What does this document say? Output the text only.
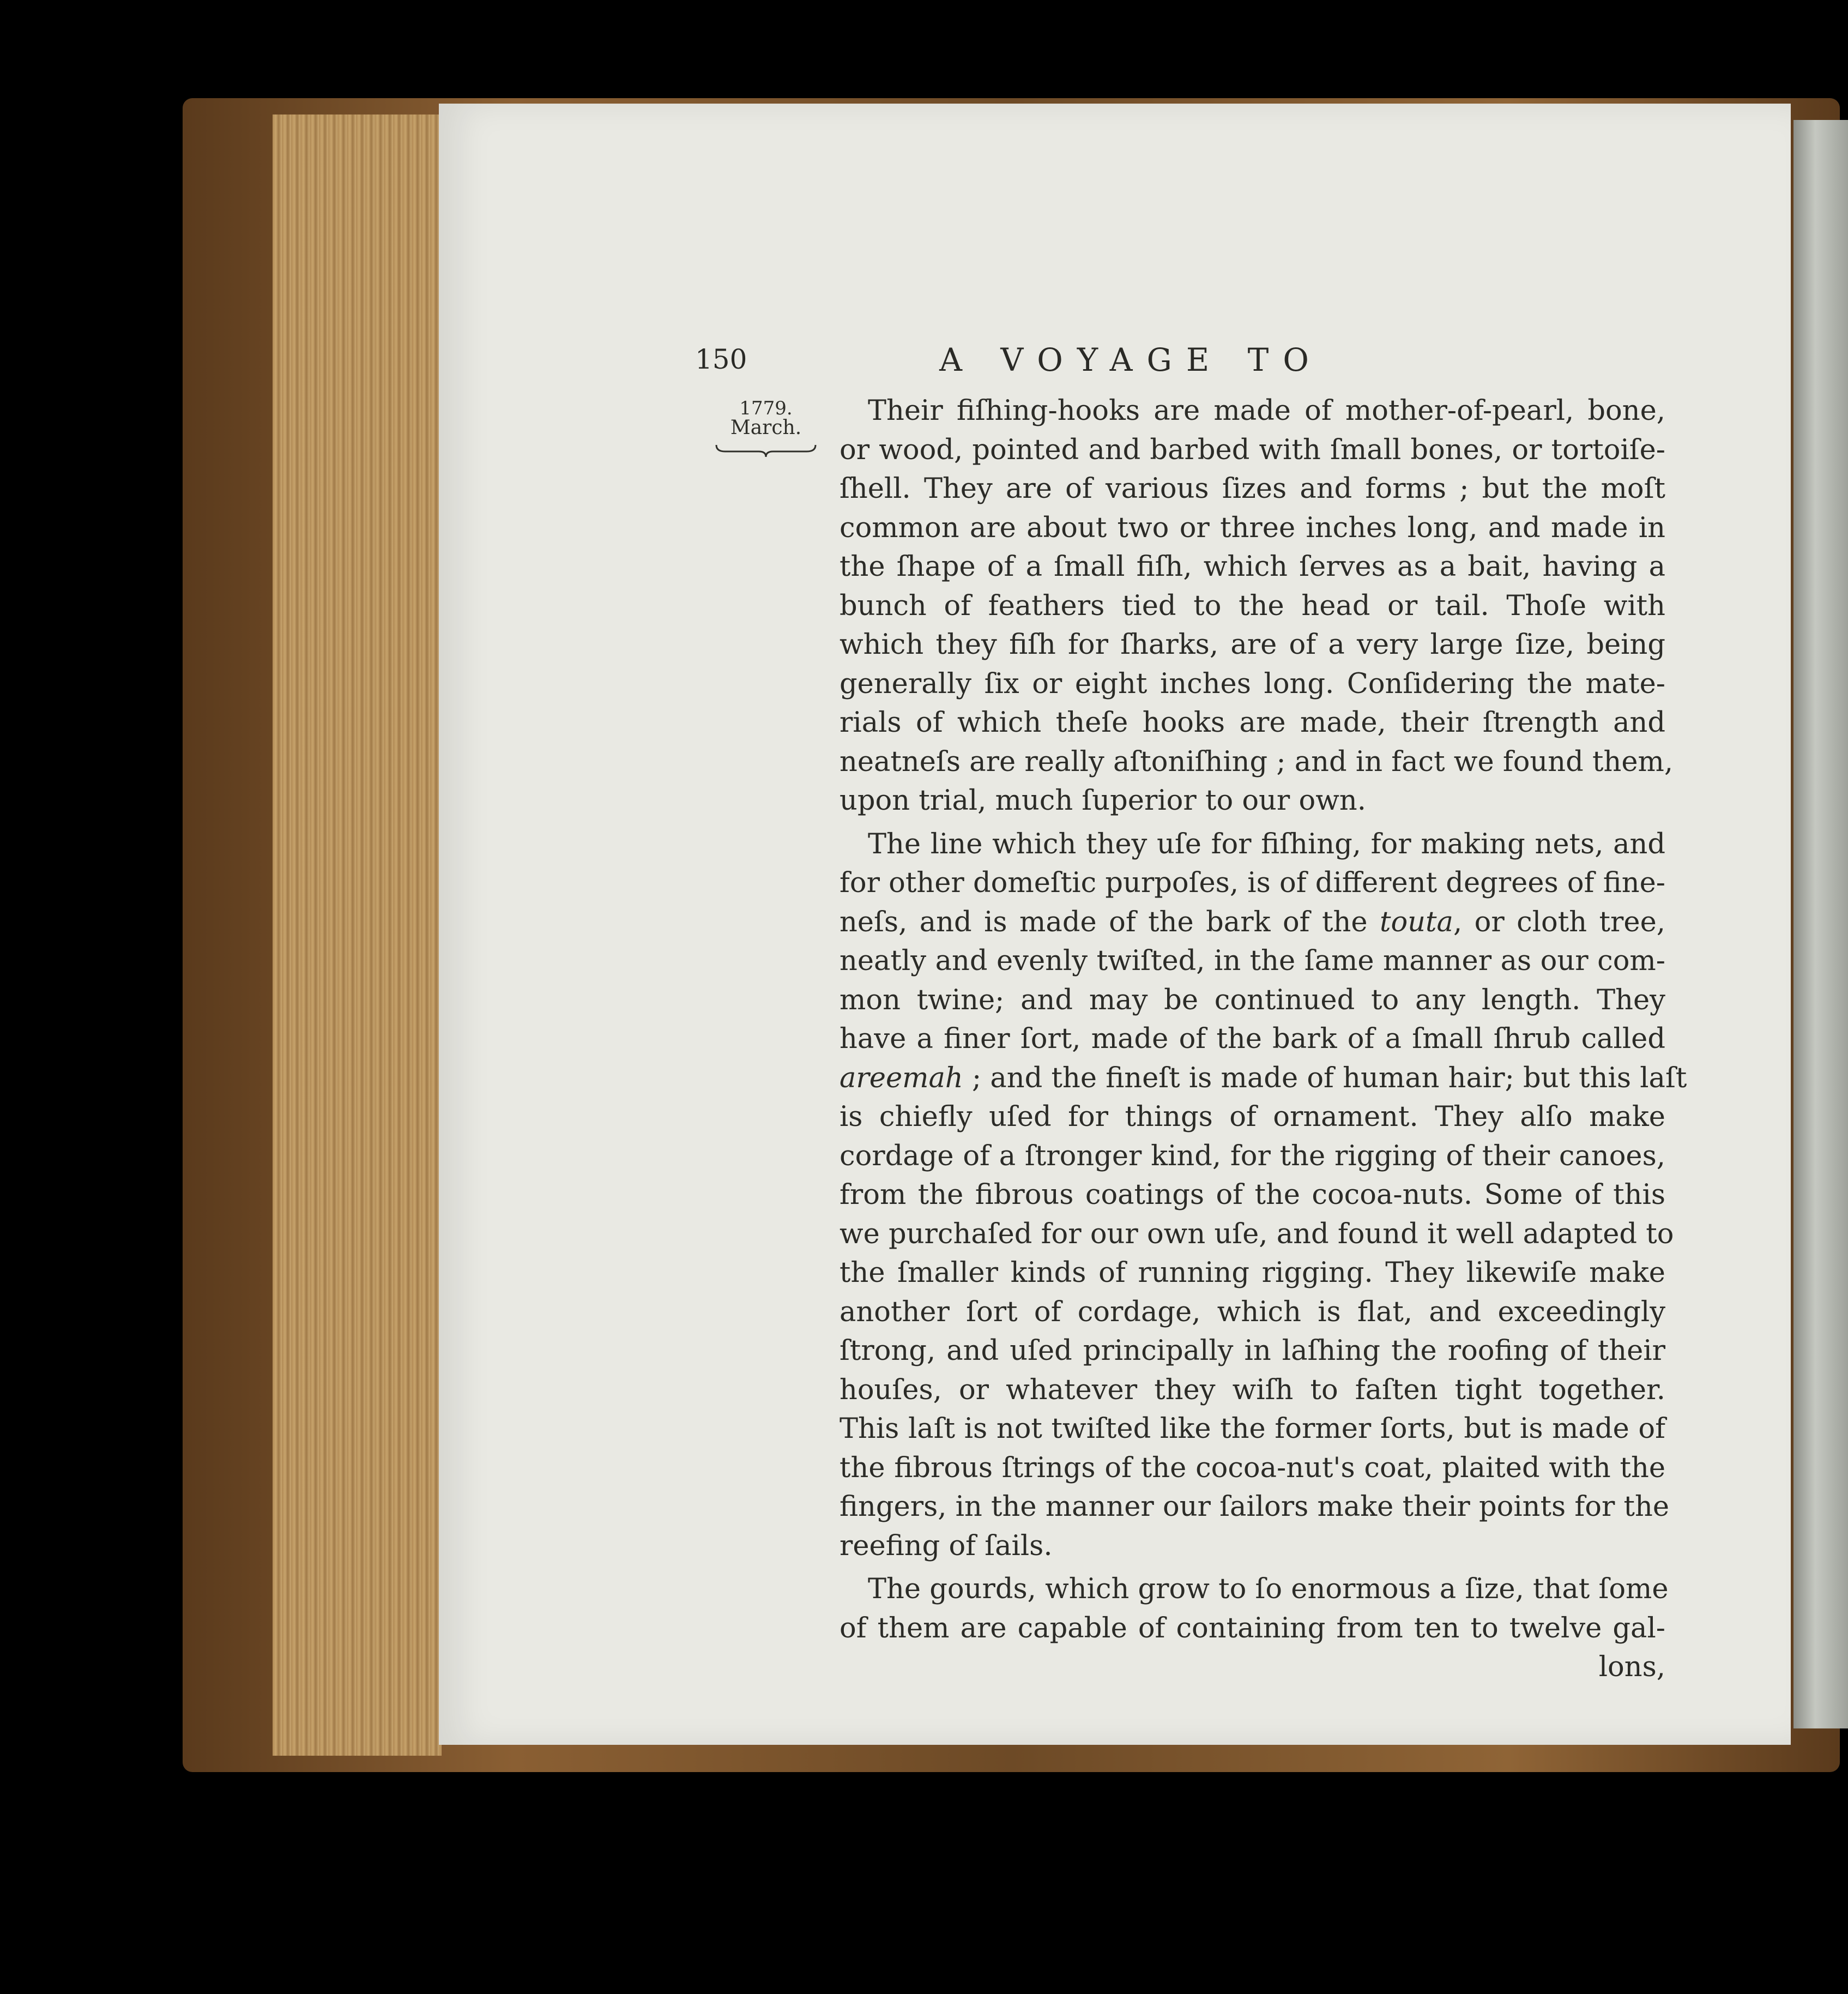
150	A VOYAGE TO
1779.
March.
Their fiſhing-hooks are made of mother-of-pearl, bone,
or wood, pointed and barbed with ſmall bones, or tortoiſe-
ſhell. They are of various ſizes and forms ; but the moſt
common are about two or three inches long, and made in
the ſhape of a ſmall fiſh, which ſerves as a bait, having a
bunch of feathers tied to the head or tail. Thoſe with
which they fiſh for ſharks, are of a very large ſize, being
generally ſix or eight inches long. Conſidering the mate-
rials of which theſe hooks are made, their ſtrength and
neatneſs are really aſtoniſhing ; and in fact we found them,
upon trial, much ſuperior to our own.
The line which they uſe for fiſhing, for making nets, and
for other domeſtic purpoſes, is of different degrees of fine-
neſs, and is made of the bark of the touta, or cloth tree,
neatly and evenly twiſted, in the ſame manner as our com-
mon twine; and may be continued to any length. They
have a finer ſort, made of the bark of a ſmall ſhrub called
areemah ; and the fineſt is made of human hair; but this laſt
is chiefly uſed for things of ornament. They alſo make
cordage of a ſtronger kind, for the rigging of their canoes,
from the fibrous coatings of the cocoa-nuts. Some of this
we purchaſed for our own uſe, and found it well adapted to
the ſmaller kinds of running rigging. They likewiſe make
another ſort of cordage, which is flat, and exceedingly
ſtrong, and uſed principally in laſhing the roofing of their
houſes, or whatever they wiſh to faſten tight together.
This laſt is not twiſted like the former ſorts, but is made of
the fibrous ſtrings of the cocoa-nut's coat, plaited with the
fingers, in the manner our ſailors make their points for the
reefing of ſails.
The gourds, which grow to ſo enormous a ſize, that ſome
of them are capable of containing from ten to twelve gal-
lons,
